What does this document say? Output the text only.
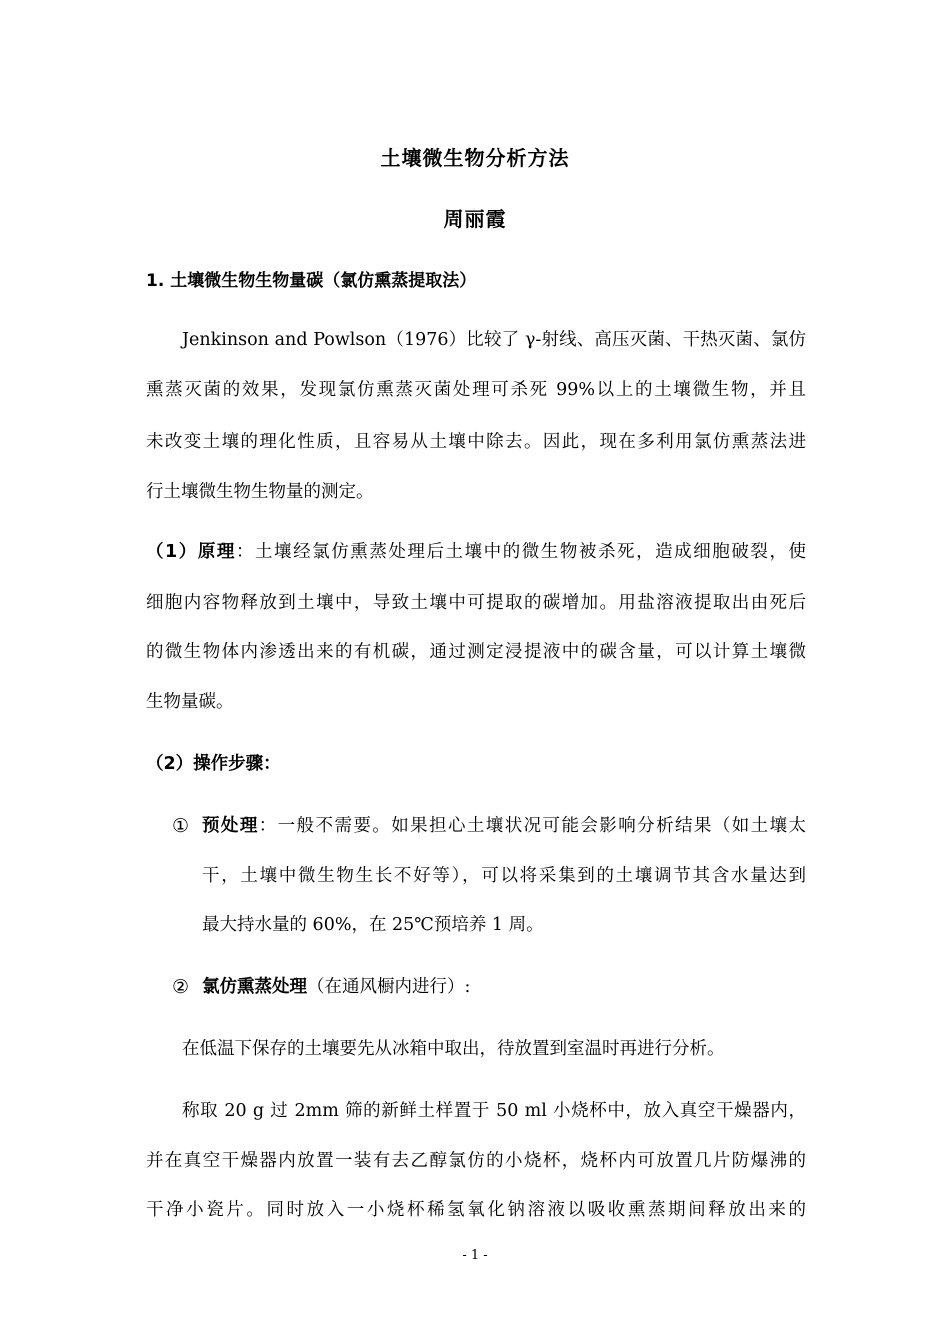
土壤微生物分析方法
周丽霞
1. 土壤微生物生物量碳（氯仿熏蒸提取法）
Jenkinson and Powlson（1976）比较了 γ-射线、高压灭菌、干热灭菌、氯仿
熏蒸灭菌的效果，发现氯仿熏蒸灭菌处理可杀死 99%以上的土壤微生物，并且
未改变土壤的理化性质，且容易从土壤中除去。因此，现在多利用氯仿熏蒸法进
行土壤微生物生物量的测定。
（1）原理：土壤经氯仿熏蒸处理后土壤中的微生物被杀死，造成细胞破裂，使
细胞内容物释放到土壤中，导致土壤中可提取的碳增加。用盐溶液提取出由死后
的微生物体内渗透出来的有机碳，通过测定浸提液中的碳含量，可以计算土壤微
生物量碳。
（2）操作步骤：
① 预处理：一般不需要。如果担心土壤状况可能会影响分析结果（如土壤太
干，土壤中微生物生长不好等），可以将采集到的土壤调节其含水量达到
最大持水量的 60%，在 25℃预培养 1 周。
② 氯仿熏蒸处理（在通风橱内进行）:
在低温下保存的土壤要先从冰箱中取出，待放置到室温时再进行分析。
称取 20 g 过 2mm 筛的新鲜土样置于 50 ml 小烧杯中，放入真空干燥器内，
并在真空干燥器内放置一装有去乙醇氯仿的小烧杯，烧杯内可放置几片防爆沸的
干净小瓷片。同时放入一小烧杯稀氢氧化钠溶液以吸收熏蒸期间释放出来的
- 1 -
